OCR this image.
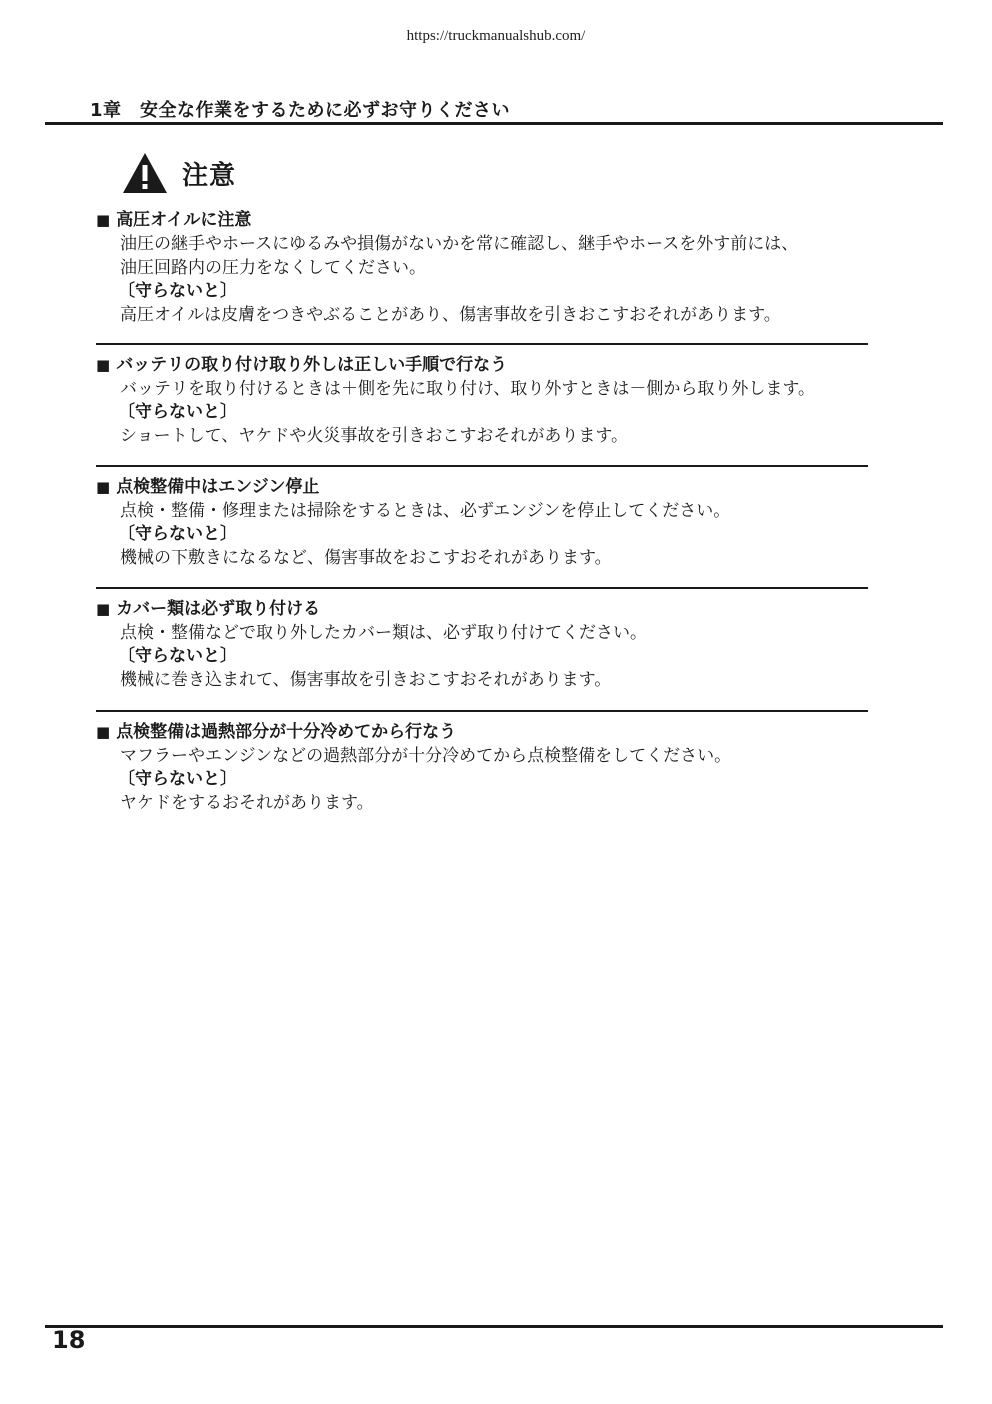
https://truckmanualshub.com/
1章　安全な作業をするために必ずお守りください
注意
■ 高圧オイルに注意
油圧の継手やホースにゆるみや損傷がないかを常に確認し、継手やホースを外す前には、
油圧回路内の圧力をなくしてください。
〔守らないと〕
高圧オイルは皮膚をつきやぶることがあり、傷害事故を引きおこすおそれがあります。
■ バッテリの取り付け取り外しは正しい手順で行なう
バッテリを取り付けるときは＋側を先に取り付け、取り外すときは－側から取り外します。
〔守らないと〕
ショートして、ヤケドや火災事故を引きおこすおそれがあります。
■ 点検整備中はエンジン停止
点検・整備・修理または掃除をするときは、必ずエンジンを停止してください。
〔守らないと〕
機械の下敷きになるなど、傷害事故をおこすおそれがあります。
■ カバー類は必ず取り付ける
点検・整備などで取り外したカバー類は、必ず取り付けてください。
〔守らないと〕
機械に巻き込まれて、傷害事故を引きおこすおそれがあります。
■ 点検整備は過熱部分が十分冷めてから行なう
マフラーやエンジンなどの過熱部分が十分冷めてから点検整備をしてください。
〔守らないと〕
ヤケドをするおそれがあります。
18
